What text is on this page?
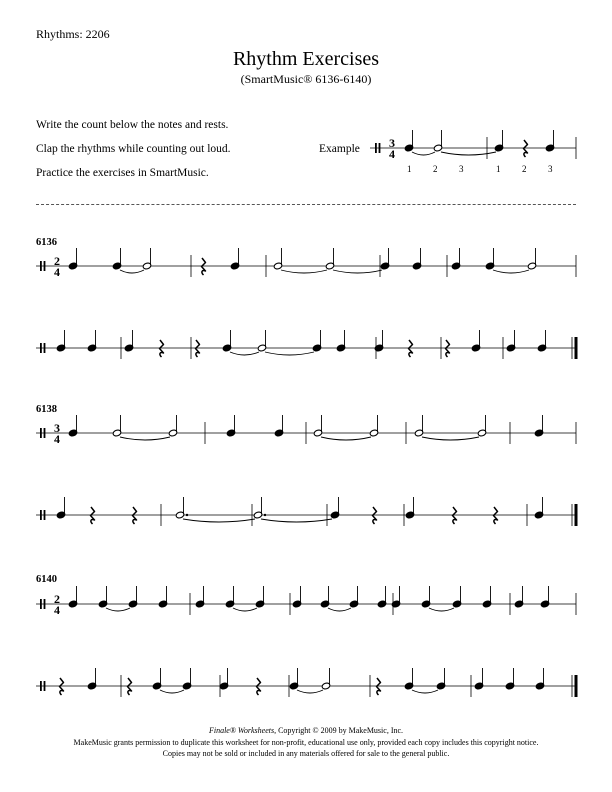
Rhythms: 2206
Rhythm Exercises
(SmartMusic® 6136-6140)
Write the count below the notes and rests.
Clap the rhythms while counting out loud.
Practice the exercises in SmartMusic.
Example
1 2 3	1 2 3
6136
6138
6140
3
4
2
4
3
4
2
4
Finale® Worksheets, Copyright © 2009 by MakeMusic, Inc.
MakeMusic grants permission to duplicate this worksheet for non-profit, educational use only, provided each copy includes this copyright notice.
Copies may not be sold or included in any materials offered for sale to the general public.
